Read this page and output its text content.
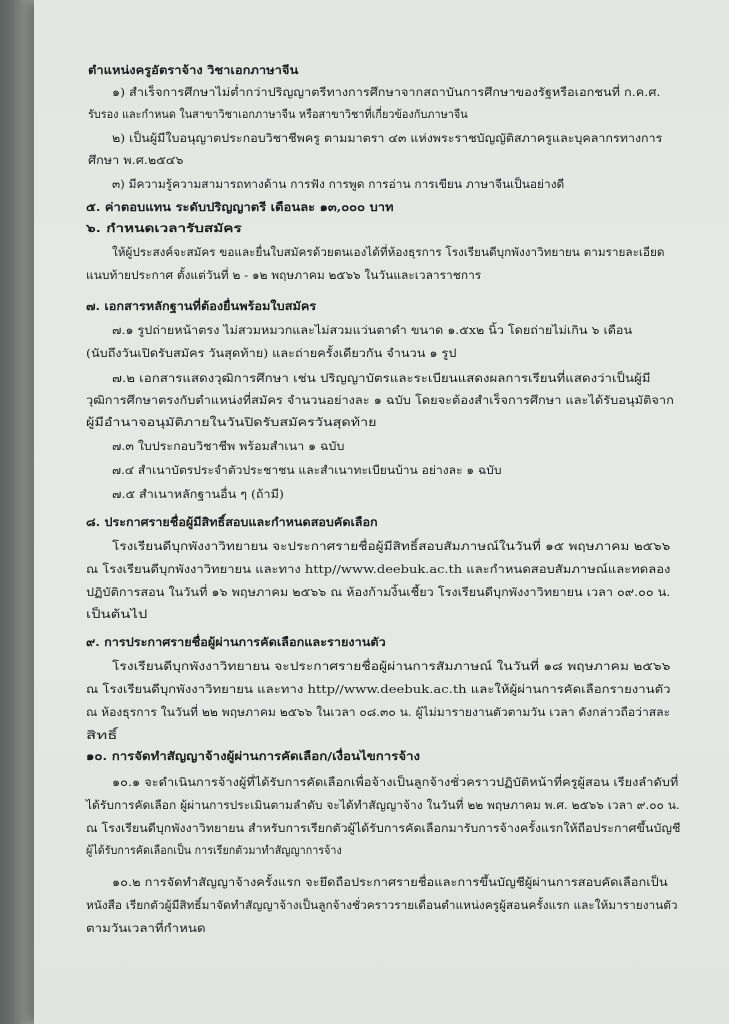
ตำแหน่งครูอัตราจ้าง วิชาเอกภาษาจีน
๑) สำเร็จการศึกษาไม่ต่ำกว่าปริญญาตรีทางการศึกษาจากสถาบันการศึกษาของรัฐหรือเอกชนที่ ก.ค.ศ.
รับรอง และกำหนด ในสาขาวิชาเอกภาษาจีน หรือสาขาวิชาที่เกี่ยวข้องกับภาษาจีน
๒) เป็นผู้มีใบอนุญาตประกอบวิชาชีพครู ตามมาตรา ๔๓ แห่งพระราชบัญญัติสภาครูและบุคลากรทางการ
ศึกษา พ.ศ.๒๕๔๖
๓) มีความรู้ความสามารถทางด้าน การฟัง การพูด การอ่าน การเขียน ภาษาจีนเป็นอย่างดี
๕. ค่าตอบแทน ระดับปริญญาตรี เดือนละ ๑๓,๐๐๐ บาท
๖. กำหนดเวลารับสมัคร
ให้ผู้ประสงค์จะสมัคร ขอและยื่นใบสมัครด้วยตนเองได้ที่ห้องธุรการ โรงเรียนดีบุกพังงาวิทยายน ตามรายละเอียด
แนบท้ายประกาศ ตั้งแต่วันที่ ๒ - ๑๒ พฤษภาคม ๒๕๖๖ ในวันและเวลาราชการ
๗. เอกสารหลักฐานที่ต้องยื่นพร้อมใบสมัคร
๗.๑ รูปถ่ายหน้าตรง ไม่สวมหมวกและไม่สวมแว่นตาดำ ขนาด ๑.๕x๒ นิ้ว โดยถ่ายไม่เกิน ๖ เดือน
(นับถึงวันเปิดรับสมัคร วันสุดท้าย) และถ่ายครั้งเดียวกัน จำนวน ๑ รูป
๗.๒ เอกสารแสดงวุฒิการศึกษา เช่น ปริญญาบัตรและระเบียนแสดงผลการเรียนที่แสดงว่าเป็นผู้มี
วุฒิการศึกษาตรงกับตำแหน่งที่สมัคร จำนวนอย่างละ ๑ ฉบับ โดยจะต้องสำเร็จการศึกษา และได้รับอนุมัติจาก
ผู้มีอำนาจอนุมัติภายในวันปิดรับสมัครวันสุดท้าย
๗.๓ ใบประกอบวิชาชีพ พร้อมสำเนา ๑ ฉบับ
๗.๔ สำเนาบัตรประจำตัวประชาชน และสำเนาทะเบียนบ้าน อย่างละ ๑ ฉบับ
๗.๕ สำเนาหลักฐานอื่น ๆ (ถ้ามี)
๘. ประกาศรายชื่อผู้มีสิทธิ์สอบและกำหนดสอบคัดเลือก
โรงเรียนดีบุกพังงาวิทยายน จะประกาศรายชื่อผู้มีสิทธิ์สอบสัมภาษณ์ในวันที่ ๑๕ พฤษภาคม ๒๕๖๖
ณ โรงเรียนดีบุกพังงาวิทยายน และทาง http//www.deebuk.ac.th และกำหนดสอบสัมภาษณ์และทดลอง
ปฏิบัติการสอน ในวันที่ ๑๖ พฤษภาคม ๒๕๖๖ ณ ห้องก้ามงิ้นเชี้ยว โรงเรียนดีบุกพังงาวิทยายน เวลา ๐๙.๐๐ น.
เป็นต้นไป
๙. การประกาศรายชื่อผู้ผ่านการคัดเลือกและรายงานตัว
โรงเรียนดีบุกพังงาวิทยายน จะประกาศรายชื่อผู้ผ่านการสัมภาษณ์ ในวันที่ ๑๘ พฤษภาคม ๒๕๖๖
ณ โรงเรียนดีบุกพังงาวิทยายน และทาง http//www.deebuk.ac.th และให้ผู้ผ่านการคัดเลือกรายงานตัว
ณ ห้องธุรการ ในวันที่ ๒๒ พฤษภาคม ๒๕๖๖ ในเวลา ๐๘.๓๐ น. ผู้ไม่มารายงานตัวตามวัน เวลา ดังกล่าวถือว่าสละ
สิทธิ์
๑๐. การจัดทำสัญญาจ้างผู้ผ่านการคัดเลือก/เงื่อนไขการจ้าง
๑๐.๑ จะดำเนินการจ้างผู้ที่ได้รับการคัดเลือกเพื่อจ้างเป็นลูกจ้างชั่วคราวปฏิบัติหน้าที่ครูผู้สอน เรียงลำดับที่
ได้รับการคัดเลือก ผู้ผ่านการประเมินตามลำดับ จะได้ทำสัญญาจ้าง ในวันที่ ๒๒ พฤษภาคม พ.ศ. ๒๕๖๖ เวลา ๙.๐๐ น.
ณ โรงเรียนดีบุกพังงาวิทยายน สำหรับการเรียกตัวผู้ได้รับการคัดเลือกมารับการจ้างครั้งแรกให้ถือประกาศขึ้นบัญชี
ผู้ได้รับการคัดเลือกเป็น การเรียกตัวมาทำสัญญาการจ้าง
๑๐.๒ การจัดทำสัญญาจ้างครั้งแรก จะยึดถือประกาศรายชื่อและการขึ้นบัญชีผู้ผ่านการสอบคัดเลือกเป็น
หนังสือ เรียกตัวผู้มีสิทธิ์มาจัดทำสัญญาจ้างเป็นลูกจ้างชั่วคราวรายเดือนตำแหน่งครูผู้สอนครั้งแรก และให้มารายงานตัว
ตามวันเวลาที่กำหนด
